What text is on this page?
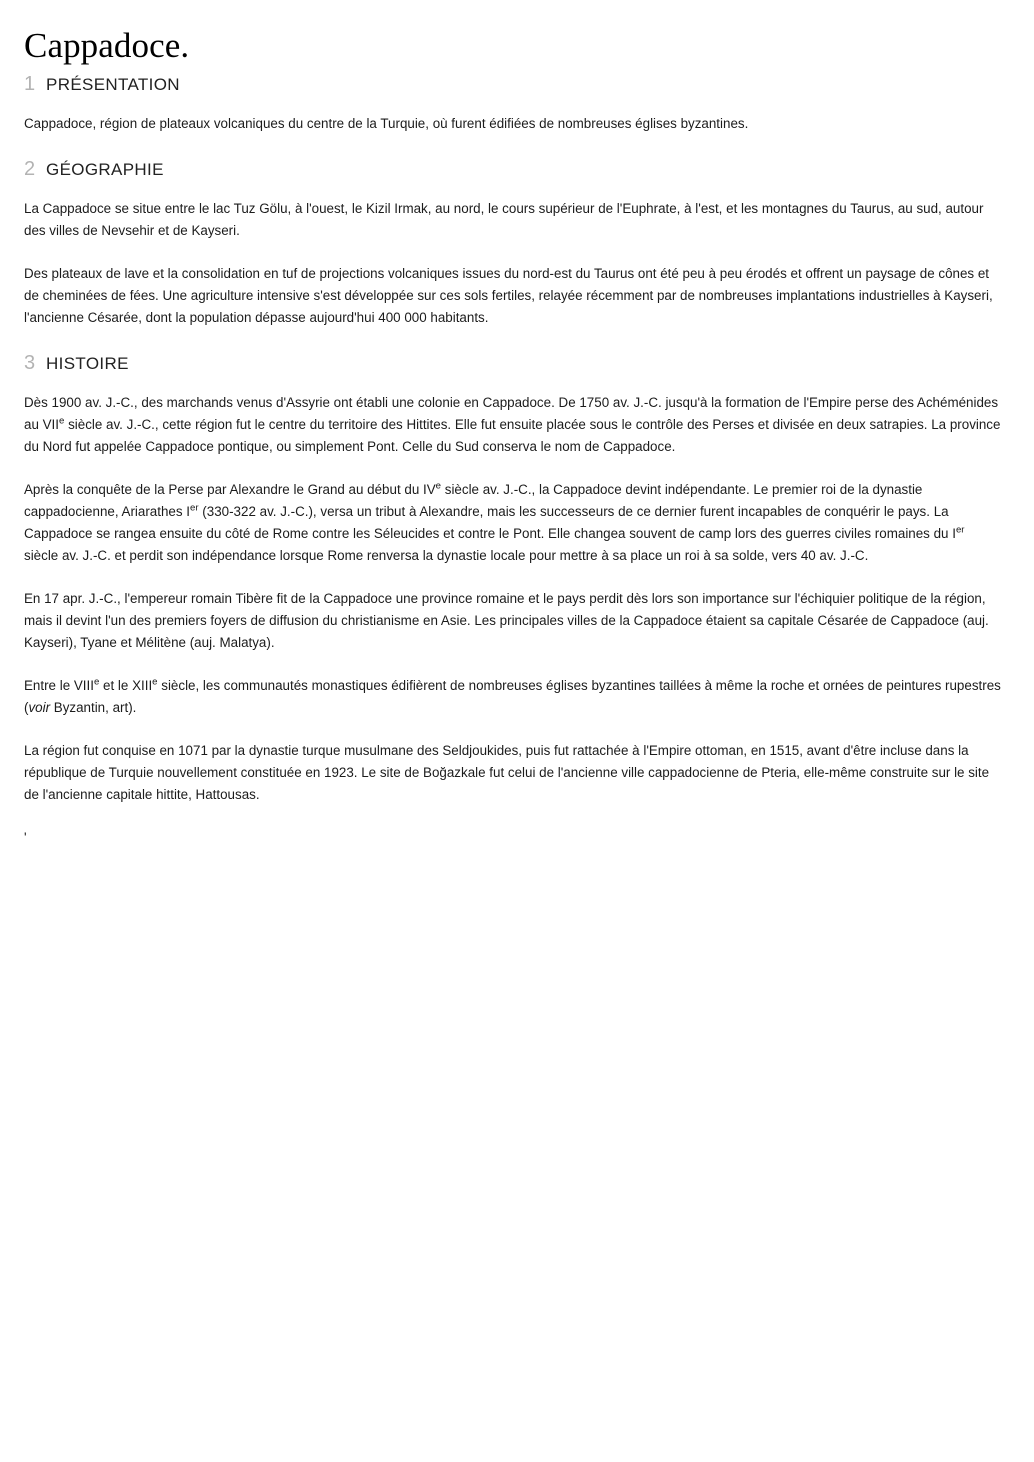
Cappadoce.
1 PRÉSENTATION

Cappadoce, région de plateaux volcaniques du centre de la Turquie, où furent édifiées de nombreuses églises byzantines.

2 GÉOGRAPHIE

La Cappadoce se situe entre le lac Tuz Gölu, à l'ouest, le Kizil Irmak, au nord, le cours supérieur de l'Euphrate, à l'est, et les montagnes du Taurus, au sud, autour des villes de Nevsehir et de Kayseri.

Des plateaux de lave et la consolidation en tuf de projections volcaniques issues du nord-est du Taurus ont été peu à peu érodés et offrent un paysage de cônes et de cheminées de fées. Une agriculture intensive s'est développée sur ces sols fertiles, relayée récemment par de nombreuses implantations industrielles à Kayseri, l'ancienne Césarée, dont la population dépasse aujourd'hui 400 000 habitants.

3 HISTOIRE

Dès 1900 av. J.-C., des marchands venus d'Assyrie ont établi une colonie en Cappadoce. De 1750 av. J.-C. jusqu'à la formation de l'Empire perse des Achéménides au VIIe siècle av. J.-C., cette région fut le centre du territoire des Hittites. Elle fut ensuite placée sous le contrôle des Perses et divisée en deux satrapies. La province du Nord fut appelée Cappadoce pontique, ou simplement Pont. Celle du Sud conserva le nom de Cappadoce.

Après la conquête de la Perse par Alexandre le Grand au début du IVe siècle av. J.-C., la Cappadoce devint indépendante. Le premier roi de la dynastie cappadocienne, Ariarathes Ier (330-322 av. J.-C.), versa un tribut à Alexandre, mais les successeurs de ce dernier furent incapables de conquérir le pays. La Cappadoce se rangea ensuite du côté de Rome contre les Séleucides et contre le Pont. Elle changea souvent de camp lors des guerres civiles romaines du Ier siècle av. J.-C. et perdit son indépendance lorsque Rome renversa la dynastie locale pour mettre à sa place un roi à sa solde, vers 40 av. J.-C.

En 17 apr. J.-C., l'empereur romain Tibère fit de la Cappadoce une province romaine et le pays perdit dès lors son importance sur l'échiquier politique de la région, mais il devint l'un des premiers foyers de diffusion du christianisme en Asie. Les principales villes de la Cappadoce étaient sa capitale Césarée de Cappadoce (auj. Kayseri), Tyane et Mélitène (auj. Malatya).

Entre le VIIIe et le XIIIe siècle, les communautés monastiques édifièrent de nombreuses églises byzantines taillées à même la roche et ornées de peintures rupestres (voir Byzantin, art).

La région fut conquise en 1071 par la dynastie turque musulmane des Seldjoukides, puis fut rattachée à l'Empire ottoman, en 1515, avant d'être incluse dans la république de Turquie nouvellement constituée en 1923. Le site de Boğazkale fut celui de l'ancienne ville cappadocienne de Pteria, elle-même construite sur le site de l'ancienne capitale hittite, Hattousas.

'
